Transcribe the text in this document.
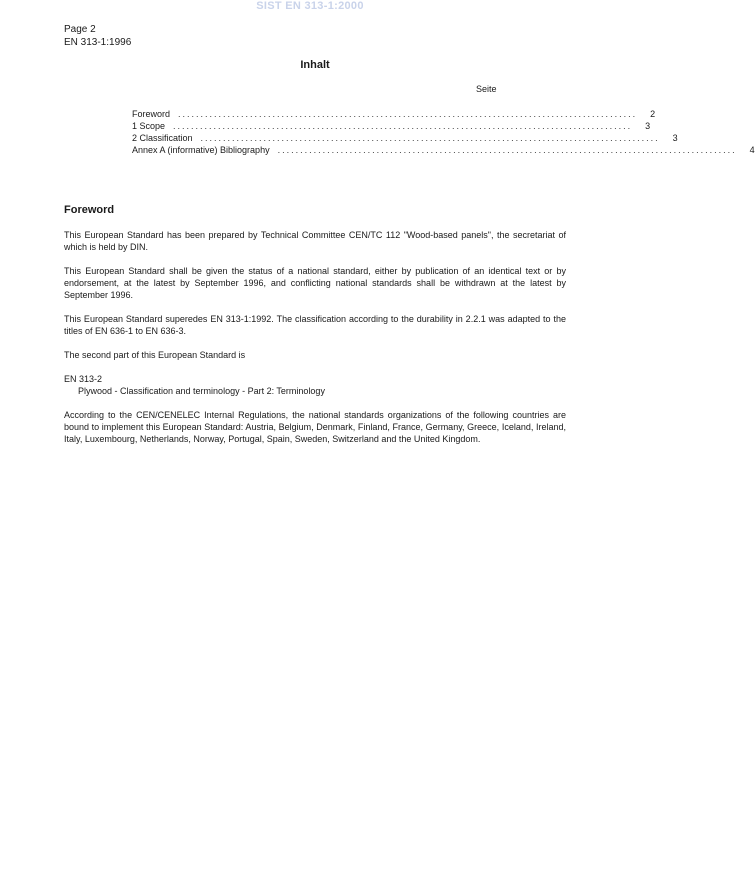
SIST EN 313-1:2000
Page 2
EN 313-1:1996
Inhalt
Seite
Foreword ......................................................................................................	2
1 Scope ......................................................................................................	3
2 Classification ......................................................................................................	3
Annex A (informative) Bibliography ......................................................................................................	4
Foreword

This European Standard has been prepared by Technical Committee CEN/TC 112 "Wood-based panels", the secretariat of which is held by DIN.

This European Standard shall be given the status of a national standard, either by publication of an identical text or by endorsement, at the latest by September 1996, and conflicting national standards shall be withdrawn at the latest by September 1996.

This European Standard superedes EN 313-1:1992. The classification according to the durability in 2.2.1 was adapted to the titles of EN 636-1 to EN 636-3.

The second part of this European Standard is

EN 313-2
Plywood - Classification and terminology - Part 2: Terminology

According to the CEN/CENELEC Internal Regulations, the national standards organizations of the following countries are bound to implement this European Standard: Austria, Belgium, Denmark, Finland, France, Germany, Greece, Iceland, Ireland, Italy, Luxembourg, Netherlands, Norway, Portugal, Spain, Sweden, Switzerland and the United Kingdom.
